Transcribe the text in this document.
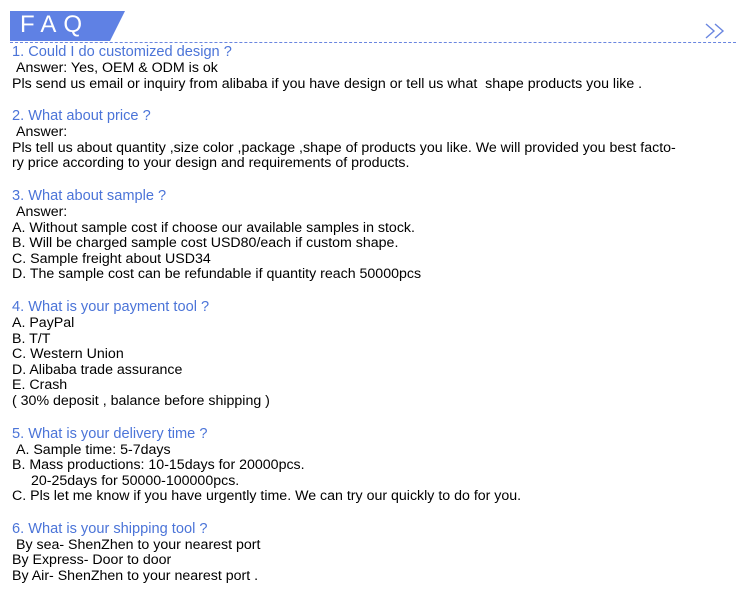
FAQ

1. Could I do customized design ?

Answer: Yes, OEM & ODM is ok

Pls send us email or inquiry from alibaba if you have design or tell us what  shape products you like .

2. What about price ?

Answer:

Pls tell us about quantity ,size color ,package ,shape of products you like. We will provided you best facto-

ry price according to your design and requirements of products.

3. What about sample ?

Answer:

A. Without sample cost if choose our available samples in stock.

B. Will be charged sample cost USD80/each if custom shape.

C. Sample freight about USD34

D. The sample cost can be refundable if quantity reach 50000pcs

4. What is your payment tool ?

A. PayPal

B. T/T

C. Western Union

D. Alibaba trade assurance

E. Crash

( 30% deposit , balance before shipping )

5. What is your delivery time ?

A. Sample time: 5-7days

B. Mass productions: 10-15days for 20000pcs.

20-25days for 50000-100000pcs.

C. Pls let me know if you have urgently time. We can try our quickly to do for you.

6. What is your shipping tool ?

By sea- ShenZhen to your nearest port

By Express- Door to door

By Air- ShenZhen to your nearest port .
